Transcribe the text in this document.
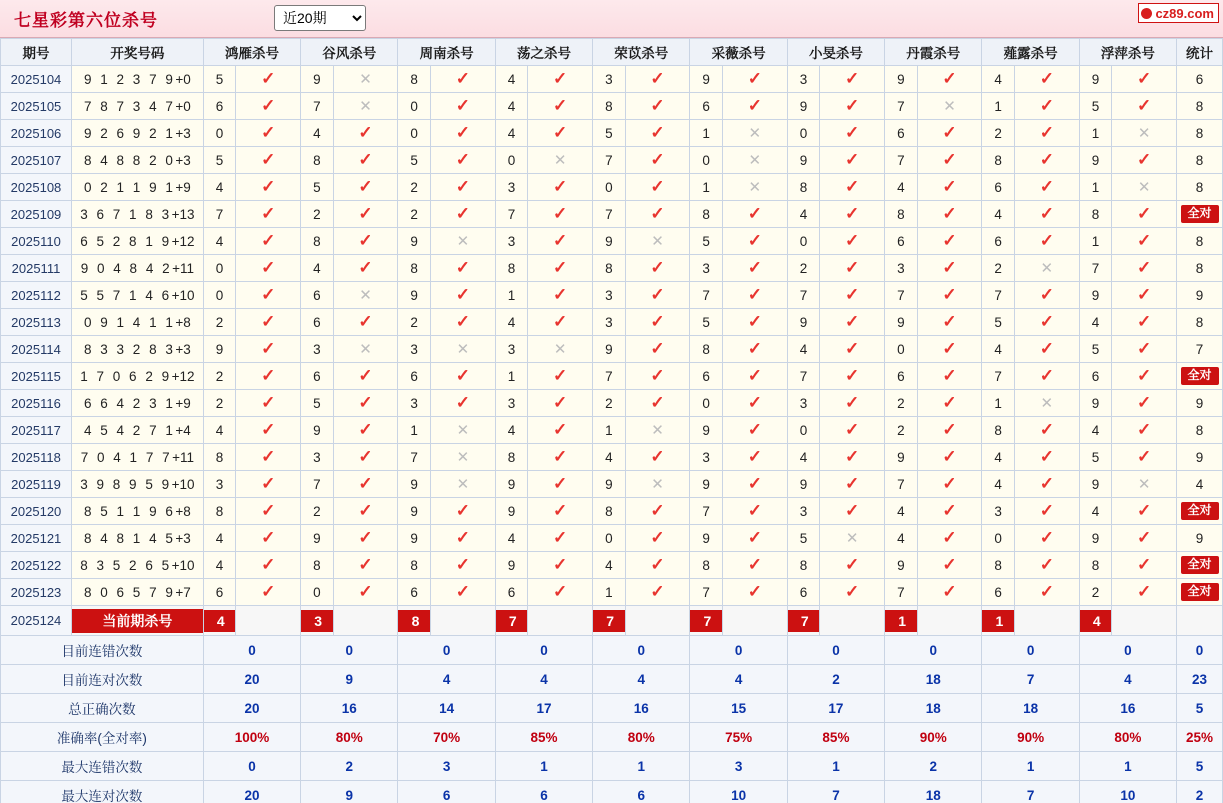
七星彩第六位杀号
近20期	cz89.com
期号	开奖号码	鸿雁杀号		谷风杀号		周南杀号		荡之杀号		荣苡杀号		采薇杀号		小旻杀号		丹霞杀号		薤露杀号		浮萍杀号		统计
2025104	9 1 2 3 7 9+0	5	✓	9	✕	8	✓	4	✓	3	✓	9	✓	3	✓	9	✓	4	✓	9	✓	6
2025105	7 8 7 3 4 7+0	6	✓	7	✕	0	✓	4	✓	8	✓	6	✓	9	✓	7	✕	1	✓	5	✓	8
2025106	9 2 6 9 2 1+3	0	✓	4	✓	0	✓	4	✓	5	✓	1	✕	0	✓	6	✓	2	✓	1	✕	8
2025107	8 4 8 8 2 0+3	5	✓	8	✓	5	✓	0	✕	7	✓	0	✕	9	✓	7	✓	8	✓	9	✓	8
2025108	0 2 1 1 9 1+9	4	✓	5	✓	2	✓	3	✓	0	✓	1	✕	8	✓	4	✓	6	✓	1	✕	8
2025109	3 6 7 1 8 3+13	7	✓	2	✓	2	✓	7	✓	7	✓	8	✓	4	✓	8	✓	4	✓	8	✓	全对
2025110	6 5 2 8 1 9+12	4	✓	8	✓	9	✕	3	✓	9	✕	5	✓	0	✓	6	✓	6	✓	1	✓	8
2025111	9 0 4 8 4 2+11	0	✓	4	✓	8	✓	8	✓	8	✓	3	✓	2	✓	3	✓	2	✕	7	✓	8
2025112	5 5 7 1 4 6+10	0	✓	6	✕	9	✓	1	✓	3	✓	7	✓	7	✓	7	✓	7	✓	9	✓	9
2025113	0 9 1 4 1 1+8	2	✓	6	✓	2	✓	4	✓	3	✓	5	✓	9	✓	9	✓	5	✓	4	✓	8
2025114	8 3 3 2 8 3+3	9	✓	3	✕	3	✕	3	✕	9	✓	8	✓	4	✓	0	✓	4	✓	5	✓	7
2025115	1 7 0 6 2 9+12	2	✓	6	✓	6	✓	1	✓	7	✓	6	✓	7	✓	6	✓	7	✓	6	✓	全对
2025116	6 6 4 2 3 1+9	2	✓	5	✓	3	✓	3	✓	2	✓	0	✓	3	✓	2	✓	1	✕	9	✓	9
2025117	4 5 4 2 7 1+4	4	✓	9	✓	1	✕	4	✓	1	✕	9	✓	0	✓	2	✓	8	✓	4	✓	8
2025118	7 0 4 1 7 7+11	8	✓	3	✓	7	✕	8	✓	4	✓	3	✓	4	✓	9	✓	4	✓	5	✓	9
2025119	3 9 8 9 5 9+10	3	✓	7	✓	9	✕	9	✓	9	✕	9	✓	9	✓	7	✓	4	✓	9	✕	4
2025120	8 5 1 1 9 6+8	8	✓	2	✓	9	✓	9	✓	8	✓	7	✓	3	✓	4	✓	3	✓	4	✓	全对
2025121	8 4 8 1 4 5+3	4	✓	9	✓	9	✓	4	✓	0	✓	9	✓	5	✕	4	✓	0	✓	9	✓	9
2025122	8 3 5 2 6 5+10	4	✓	8	✓	8	✓	9	✓	4	✓	8	✓	8	✓	9	✓	8	✓	8	✓	全对
2025123	8 0 6 5 7 9+7	6	✓	0	✓	6	✓	6	✓	1	✓	7	✓	6	✓	7	✓	6	✓	2	✓	全对
2025124	当前期杀号	4		3		8		7		7		7		7		1		1		4		

目前连错次数		0		0		0		0		0		0		0		0		0		0		0
目前连对次数		20		9		4		4		4		4		2		18		7		4		23
总正确次数		20		16		14		17		16		15		17		18		18		16		5
准确率(全对率)		100%		80%		70%		85%		80%		75%		85%		90%		90%		80%		25%
最大连错次数		0		2		3		1		1		3		1		2		1		1		5
最大连对次数		20		9		6		6		6		10		7		18		7		10		2
